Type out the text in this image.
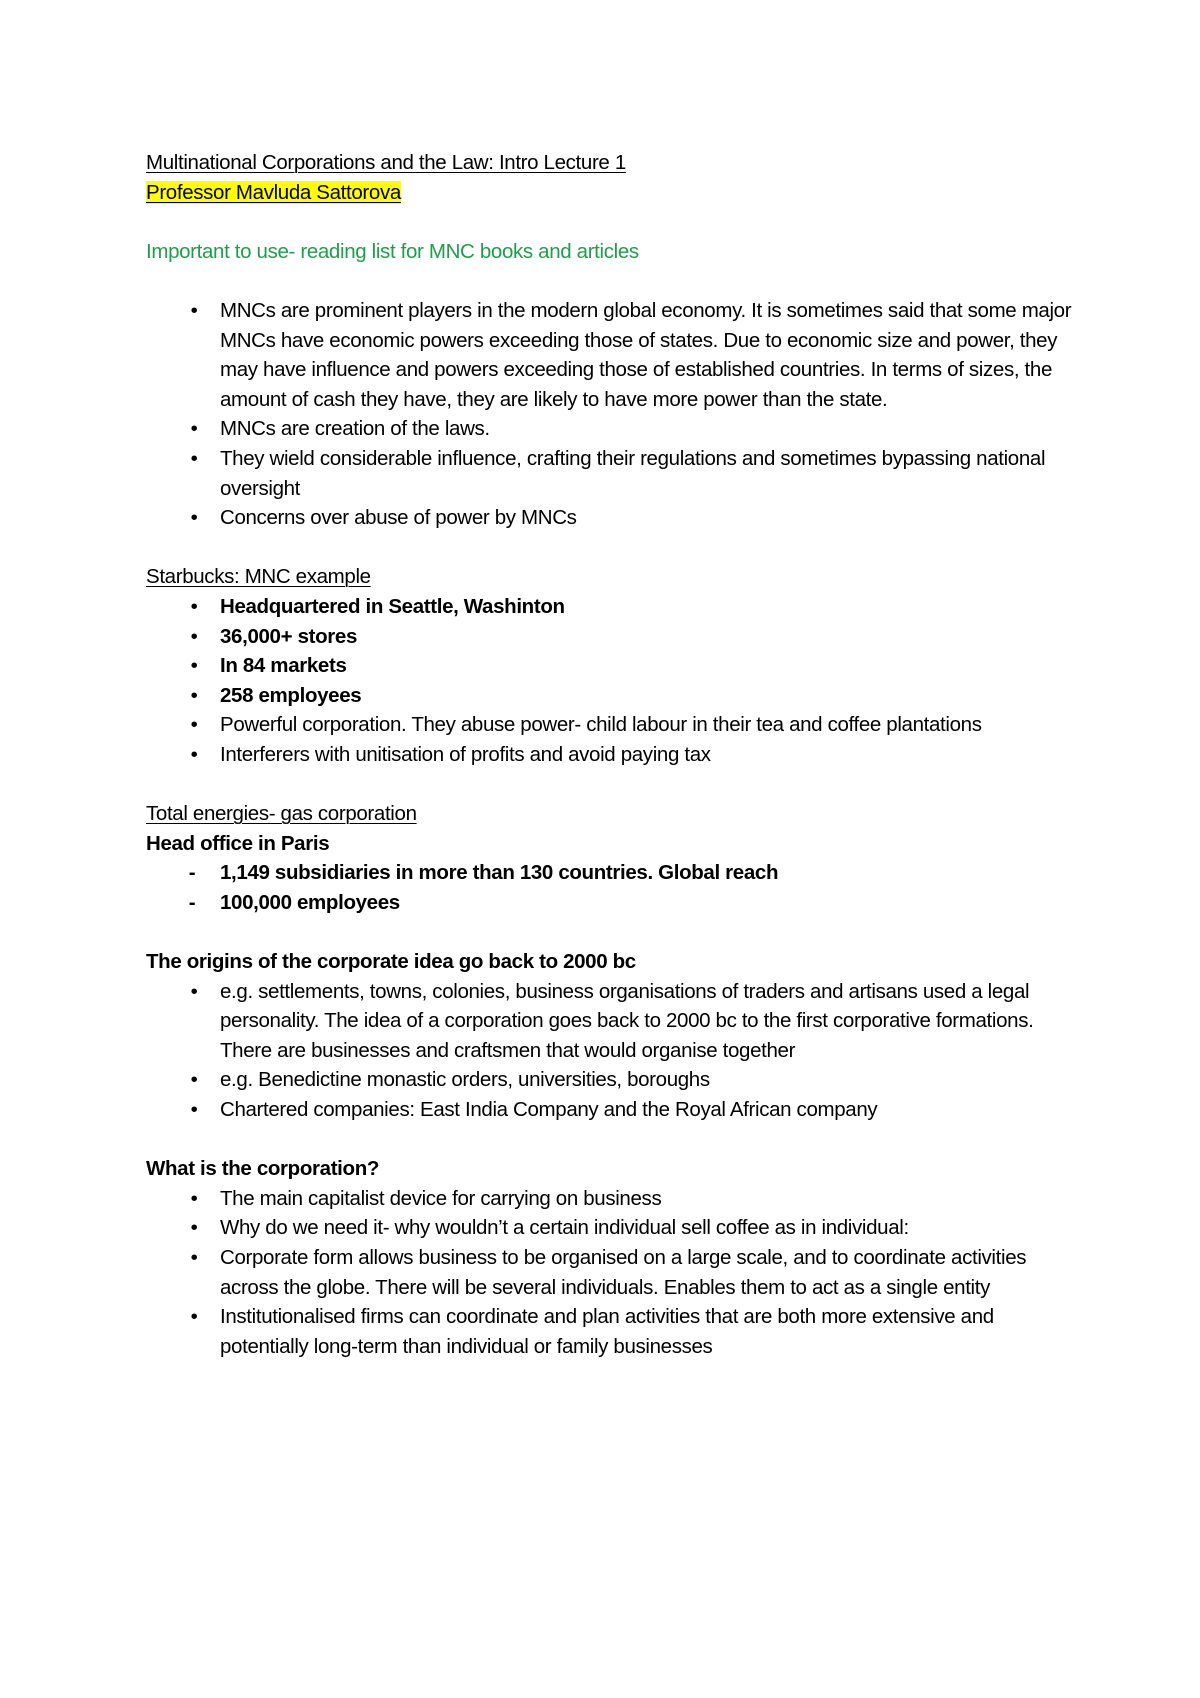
Multinational Corporations and the Law: Intro Lecture 1
Professor Mavluda Sattorova
Important to use- reading list for MNC books and articles
•	MNCs are prominent players in the modern global economy. It is sometimes said that some major MNCs have economic powers exceeding those of states. Due to economic size and power, they may have influence and powers exceeding those of established countries. In terms of sizes, the amount of cash they have, they are likely to have more power than the state.
•	MNCs are creation of the laws.
•	They wield considerable influence, crafting their regulations and sometimes bypassing national oversight
•	Concerns over abuse of power by MNCs
Starbucks: MNC example
•	Headquartered in Seattle, Washinton
•	36,000+ stores
•	In 84 markets
•	258 employees
•	Powerful corporation. They abuse power- child labour in their tea and coffee plantations
•	Interferers with unitisation of profits and avoid paying tax
Total energies- gas corporation
Head office in Paris
-	1,149 subsidiaries in more than 130 countries. Global reach
-	100,000 employees
The origins of the corporate idea go back to 2000 bc
•	e.g. settlements, towns, colonies, business organisations of traders and artisans used a legal personality. The idea of a corporation goes back to 2000 bc to the first corporative formations. There are businesses and craftsmen that would organise together
•	e.g. Benedictine monastic orders, universities, boroughs
•	Chartered companies: East India Company and the Royal African company
What is the corporation?
•	The main capitalist device for carrying on business
•	Why do we need it- why wouldn’t a certain individual sell coffee as in individual:
•	Corporate form allows business to be organised on a large scale, and to coordinate activities across the globe. There will be several individuals. Enables them to act as a single entity
•	Institutionalised firms can coordinate and plan activities that are both more extensive and potentially long-term than individual or family businesses
